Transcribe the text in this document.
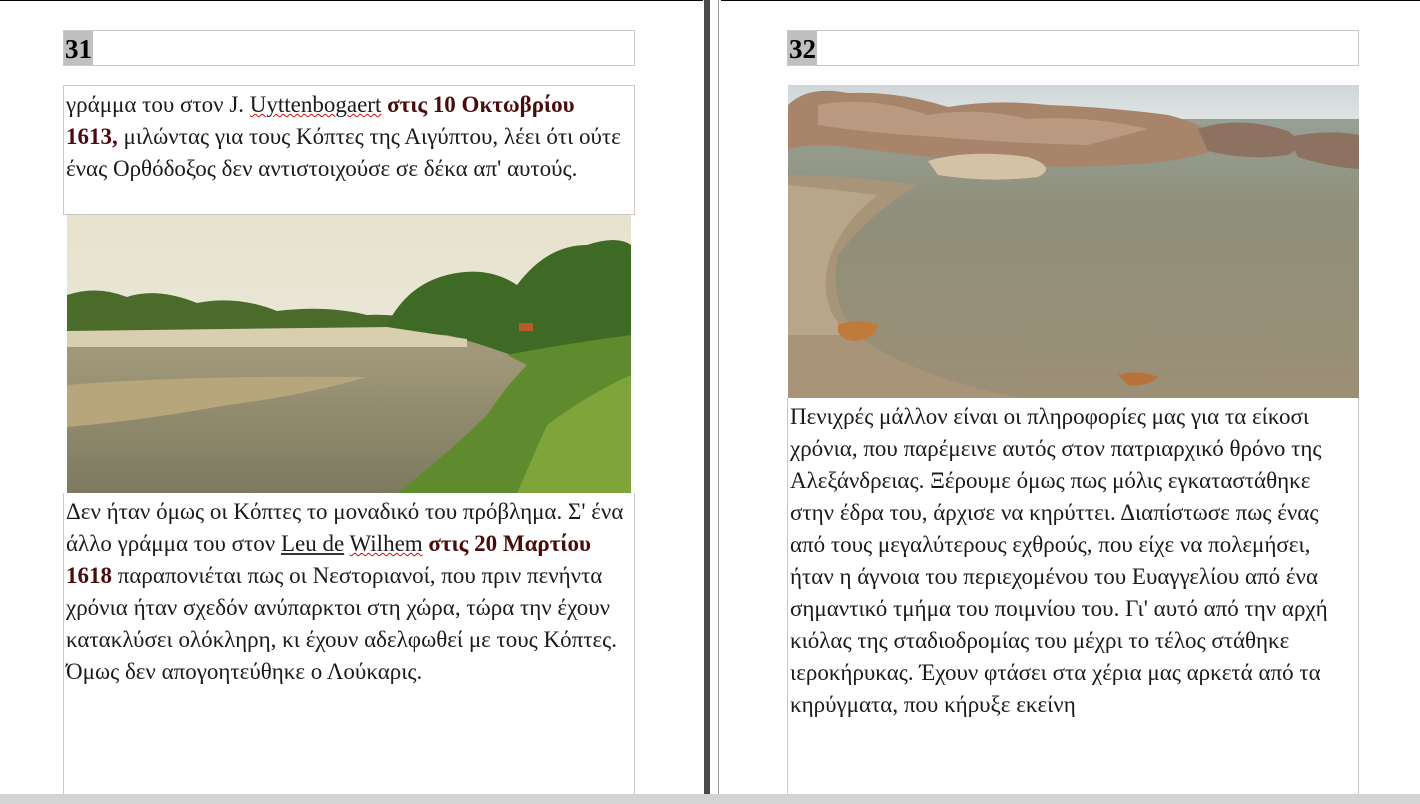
31
γράμμα του στον J. Uyttenbogaert στις 10 Οκτωβρίου 1613, μιλώντας για τους Κόπτες της Αιγύπτου, λέει ότι ούτε ένας Ορθόδοξος δεν αντιστοιχούσε σε δέκα απ' αυτούς.
Δεν ήταν όμως οι Κόπτες το μοναδικό του πρόβλημα. Σ' ένα άλλο γράμμα του στον Leu de Wilhem στις 20 Μαρτίου 1618 παραπονιέται πως οι Νεστοριανοί, που πριν πενήντα χρόνια ήταν σχεδόν ανύπαρκτοι στη χώρα, τώρα την έχουν κατακλύσει ολόκληρη, κι έχουν αδελφωθεί με τους Κόπτες. Όμως δεν απογοητεύθηκε ο Λούκαρις.
32
Πενιχρές μάλλον είναι οι πληροφορίες μας για τα είκοσι χρόνια, που παρέμεινε αυτός στον πατριαρχικό θρόνο της Αλεξάνδρειας. Ξέρουμε όμως πως μόλις εγκαταστάθηκε στην έδρα του, άρχισε να κηρύττει. Διαπίστωσε πως ένας από τους μεγαλύτερους εχθρούς, που είχε να πολεμήσει, ήταν η άγνοια του περιεχομένου του Ευαγγελίου από ένα σημαντικό τμήμα του ποιμνίου του. Γι' αυτό από την αρχή κιόλας της σταδιοδρομίας του μέχρι το τέλος στάθηκε ιεροκήρυκας. Έχουν φτάσει στα χέρια μας αρκετά από τα κηρύγματα, που κήρυξε εκείνη
